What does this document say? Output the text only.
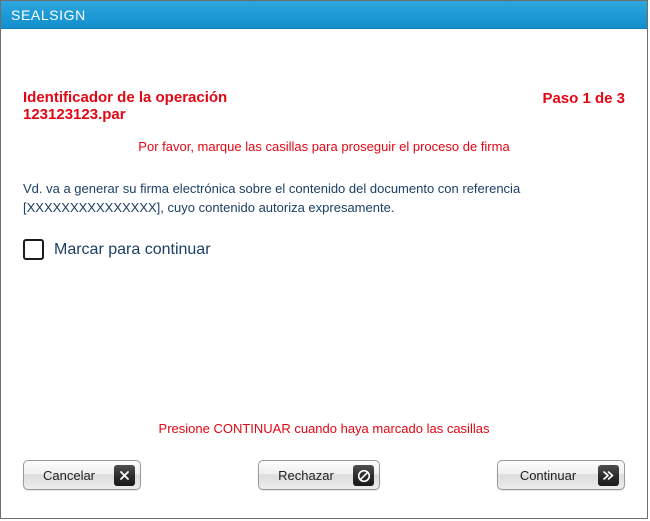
SEALSIGN
Identificador de la operación
123123123.par
Paso 1 de 3
Por favor, marque las casillas para proseguir el proceso de firma
Vd. va a generar su firma electrónica sobre el contenido del documento con referencia
[XXXXXXXXXXXXXXX], cuyo contenido autoriza expresamente.
Marcar para continuar
Presione CONTINUAR cuando haya marcado las casillas
Cancelar	Rechazar	Continuar
